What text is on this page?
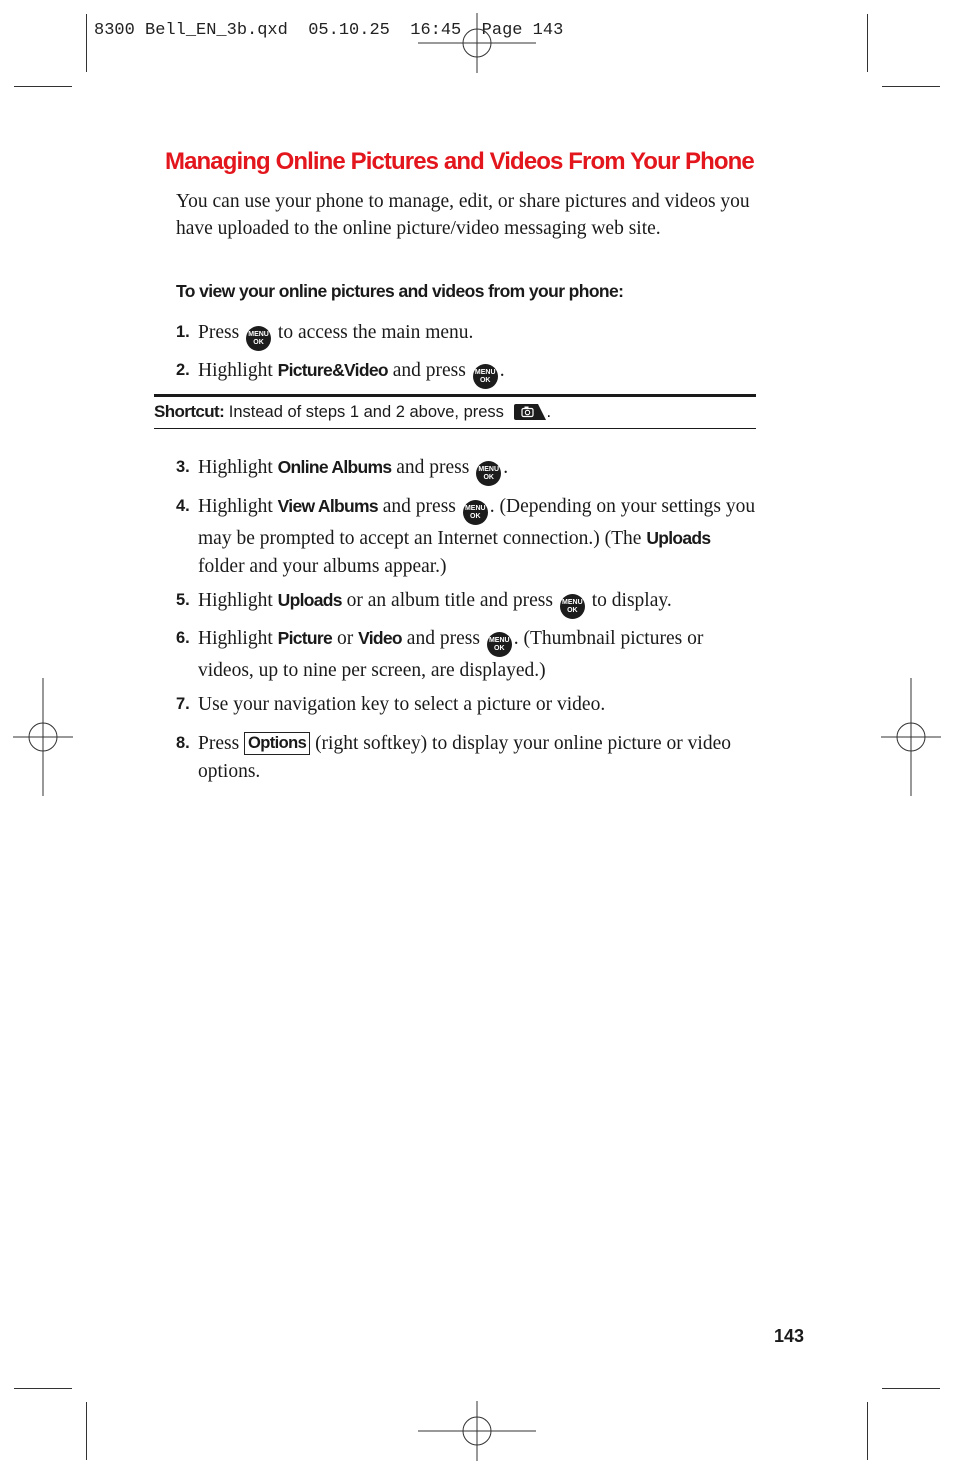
8300 Bell_EN_3b.qxd  05.10.25  16:45  Page 143
Managing Online Pictures and Videos From Your Phone

You can use your phone to manage, edit, or share pictures and videos you have uploaded to the online picture/video messaging web site.

To view your online pictures and videos from your phone:

1. Press MENU
OK to access the main menu.
2. Highlight Picture&Video and press MENU
OK .
Shortcut: Instead of steps 1 and 2 above, press	.
3. Highlight Online Albums and press MENU
OK .
4. Highlight View Albums and press MENU
OK . (Depending on your settings you may be prompted to accept an Internet connection.) (The Uploads folder and your albums appear.)
5. Highlight Uploads or an album title and press MENU
OK to display.
6. Highlight Picture or Video and press MENU
OK . (Thumbnail pictures or videos, up to nine per screen, are displayed.)
7. Use your navigation key to select a picture or video.
8. Press Options (right softkey) to display your online picture or video options.
143
